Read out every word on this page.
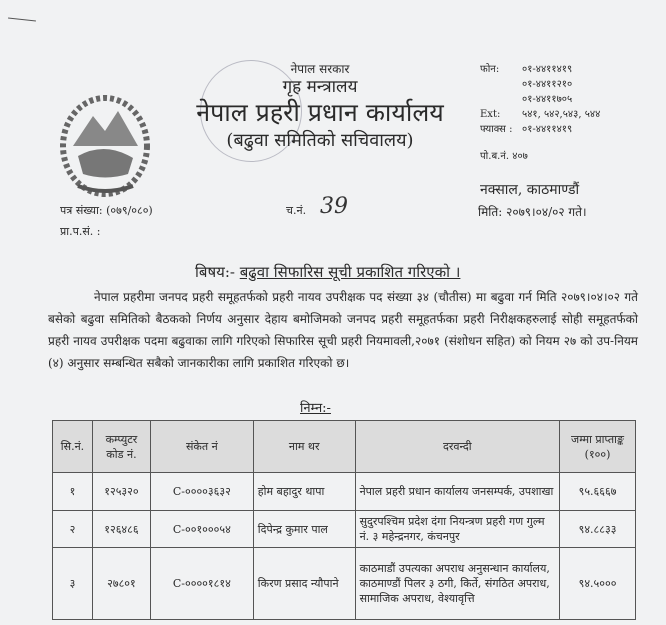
नेपाल सरकार
गृह मन्त्रालय
नेपाल प्रहरी प्रधान कार्यालय
(बढुवा समितिको सचिवालय)
फोन: ०१-४४११४१९
०१-४४११२१०
०१-४४११७०५
Ext: ५४१, ५४२,५४३, ५४४
फ्याक्स : ०१-४४११४१९
पो.ब.नं. ४०७
नक्साल, काठमाण्डौं
पत्र संख्या: (०७९/०८०)
प्रा.प.सं. :
च.नं. 39	मिति: २०७९।०४/०२ गते।
बिषय:- बढुवा सिफारिस सूची प्रकाशित गरिएको ।

नेपाल प्रहरीमा जनपद प्रहरी समूहतर्फको प्रहरी नायव उपरीक्षक पद संख्या ३४ (चौतीस) मा बढुवा गर्न मिति २०७९।०४।०२ गते बसेको बढुवा समितिको बैठकको निर्णय अनुसार देहाय बमोजिमको जनपद प्रहरी समूहतर्फका प्रहरी निरीक्षकहरुलाई सोही समूहतर्फको प्रहरी नायव उपरीक्षक पदमा बढुवाका लागि गरिएको सिफारिस सूची प्रहरी नियमावली,२०७१ (संशोधन सहित) को नियम २७ को उप-नियम (४) अनुसार सम्बन्धित सबैको जानकारीका लागि प्रकाशित गरिएको छ।

निम्न:-
सि.नं.	कम्प्युटर कोड नं.	संकेत नं	नाम थर	दरवन्दी	जम्मा प्राप्ताङ्क (१००)
१	१२५३२०	C-००००३६३२	होम बहादुर थापा	नेपाल प्रहरी प्रधान कार्यालय जनसम्पर्क, उपशाखा	९५.६६६७
२	१२६४८६	C-००१०००५४	दिपेन्द्र कुमार पाल	सुदुरपश्चिम प्रदेश दंगा नियन्त्रण प्रहरी गण गुल्म नं. ३ महेन्द्रनगर, कंचनपुर	९४.८८३३
३	२७८०१	C-००००१८१४	किरण प्रसाद न्यौपाने	काठमाडौं उपत्यका अपराध अनुसन्धान कार्यालय, काठमाण्डौं पिलर ३ ठगी, किर्ते, संगठित अपराध, सामाजिक अपराध, वेश्यावृत्ति	९४.५०००
